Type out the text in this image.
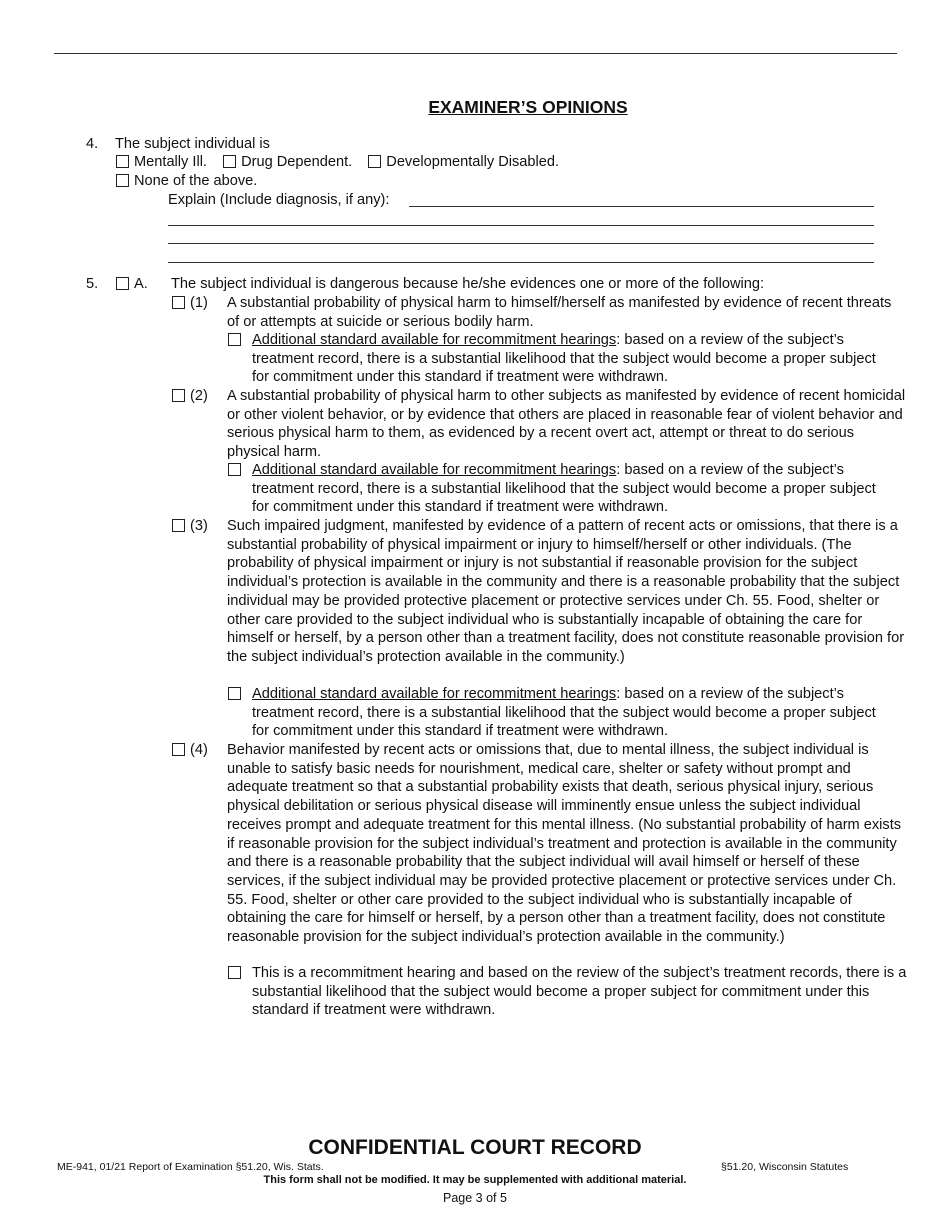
EXAMINER’S OPINIONS
4. The subject individual is
Mentally Ill. Drug Dependent. Developmentally Disabled.
None of the above.
Explain (Include diagnosis, if any):
5.	A. The subject individual is dangerous because he/she evidences one or more of the following:
(1) A substantial probability of physical harm to himself/herself as manifested by evidence of recent threats of or attempts at suicide or serious bodily harm.
Additional standard available for recommitment hearings: based on a review of the subject’s treatment record, there is a substantial likelihood that the subject would become a proper subject for commitment under this standard if treatment were withdrawn.
(2) A substantial probability of physical harm to other subjects as manifested by evidence of recent homicidal or other violent behavior, or by evidence that others are placed in reasonable fear of violent behavior and serious physical harm to them, as evidenced by a recent overt act, attempt or threat to do serious physical harm.
Additional standard available for recommitment hearings: based on a review of the subject’s treatment record, there is a substantial likelihood that the subject would become a proper subject for commitment under this standard if treatment were withdrawn.
(3) Such impaired judgment, manifested by evidence of a pattern of recent acts or omissions, that there is a substantial probability of physical impairment or injury to himself/herself or other individuals. (The probability of physical impairment or injury is not substantial if reasonable provision for the subject individual’s protection is available in the community and there is a reasonable probability that the subject individual may be provided protective placement or protective services under Ch. 55. Food, shelter or other care provided to the subject individual who is substantially incapable of obtaining the care for himself or herself, by a person other than a treatment facility, does not constitute reasonable provision for the subject individual’s protection available in the community.)
Additional standard available for recommitment hearings: based on a review of the subject’s treatment record, there is a substantial likelihood that the subject would become a proper subject for commitment under this standard if treatment were withdrawn.
(4) Behavior manifested by recent acts or omissions that, due to mental illness, the subject individual is unable to satisfy basic needs for nourishment, medical care, shelter or safety without prompt and adequate treatment so that a substantial probability exists that death, serious physical injury, serious physical debilitation or serious physical disease will imminently ensue unless the subject individual receives prompt and adequate treatment for this mental illness. (No substantial probability of harm exists if reasonable provision for the subject individual’s treatment and protection is available in the community and there is a reasonable probability that the subject individual will avail himself or herself of these services, if the subject individual may be provided protective placement or protective services under Ch. 55. Food, shelter or other care provided to the subject individual who is substantially incapable of obtaining the care for himself or herself, by a person other than a treatment facility, does not constitute reasonable provision for the subject individual’s protection available in the community.)
This is a recommitment hearing and based on the review of the subject’s treatment records, there is a substantial likelihood that the subject would become a proper subject for commitment under this standard if treatment were withdrawn.
CONFIDENTIAL COURT RECORD
ME-941, 01/21 Report of Examination §51.20, Wis. Stats.	§51.20, Wisconsin Statutes
This form shall not be modified. It may be supplemented with additional material.
Page 3 of 5
